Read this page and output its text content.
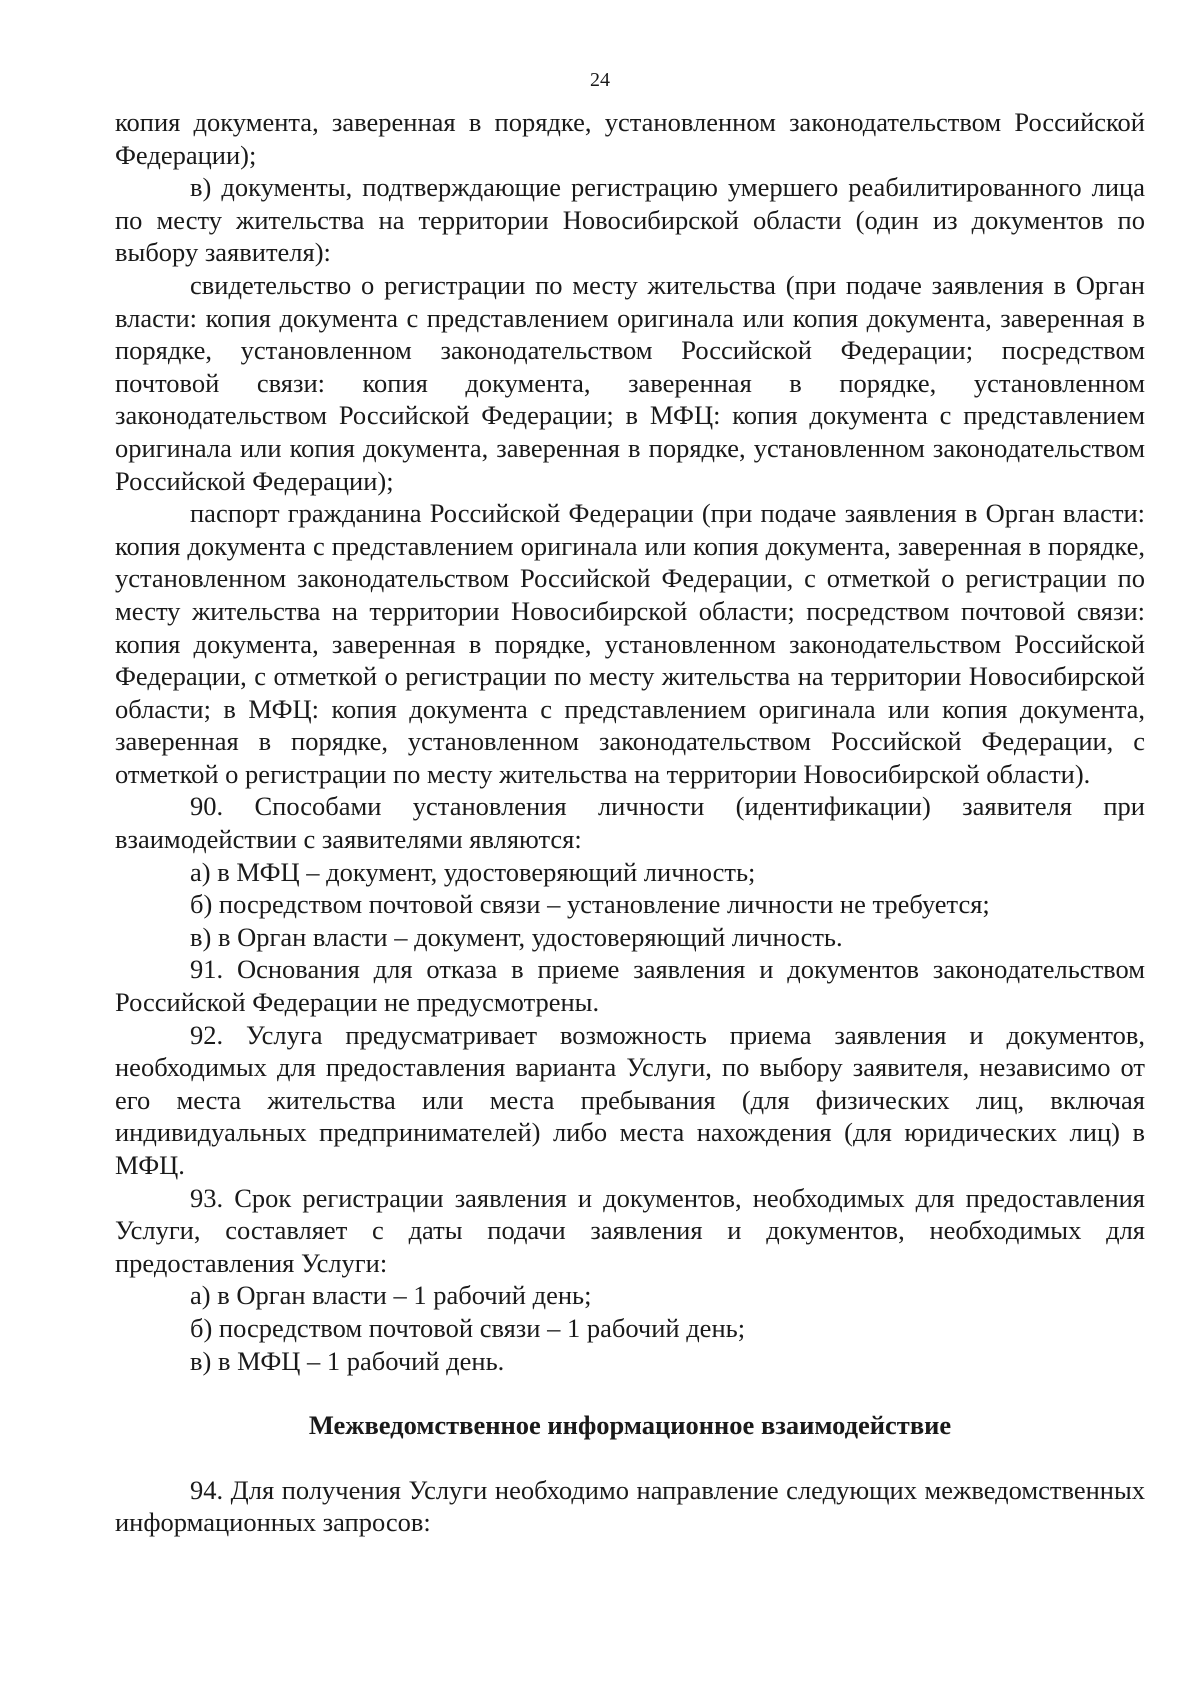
24

копия документа, заверенная в порядке, установленном законодательством Российской Федерации);

в) документы, подтверждающие регистрацию умершего реабилитированного лица по месту жительства на территории Новосибирской области (один из документов по выбору заявителя):

свидетельство о регистрации по месту жительства (при подаче заявления в Орган власти: копия документа с представлением оригинала или копия документа, заверенная в порядке, установленном законодательством Российской Федерации; посредством почтовой связи: копия документа, заверенная в порядке, установленном законодательством Российской Федерации; в МФЦ: копия документа с представлением оригинала или копия документа, заверенная в порядке, установленном законодательством Российской Федерации);

паспорт гражданина Российской Федерации (при подаче заявления в Орган власти: копия документа с представлением оригинала или копия документа, заверенная в порядке, установленном законодательством Российской Федерации, с отметкой о регистрации по месту жительства на территории Новосибирской области; посредством почтовой связи: копия документа, заверенная в порядке, установленном законодательством Российской Федерации, с отметкой о регистрации по месту жительства на территории Новосибирской области; в МФЦ: копия документа с представлением оригинала или копия документа, заверенная в порядке, установленном законодательством Российской Федерации, с отметкой о регистрации по месту жительства на территории Новосибирской области).

90. Способами установления личности (идентификации) заявителя при взаимодействии с заявителями являются:

а) в МФЦ – документ, удостоверяющий личность;

б) посредством почтовой связи – установление личности не требуется;

в) в Орган власти – документ, удостоверяющий личность.

91. Основания для отказа в приеме заявления и документов законодательством Российской Федерации не предусмотрены.

92. Услуга предусматривает возможность приема заявления и документов, необходимых для предоставления варианта Услуги, по выбору заявителя, независимо от его места жительства или места пребывания (для физических лиц, включая индивидуальных предпринимателей) либо места нахождения (для юридических лиц) в МФЦ.

93. Срок регистрации заявления и документов, необходимых для предоставления Услуги, составляет с даты подачи заявления и документов, необходимых для предоставления Услуги:

а) в Орган власти – 1 рабочий день;

б) посредством почтовой связи – 1 рабочий день;

в) в МФЦ – 1 рабочий день.

Межведомственное информационное взаимодействие

94. Для получения Услуги необходимо направление следующих межведомственных информационных запросов:
